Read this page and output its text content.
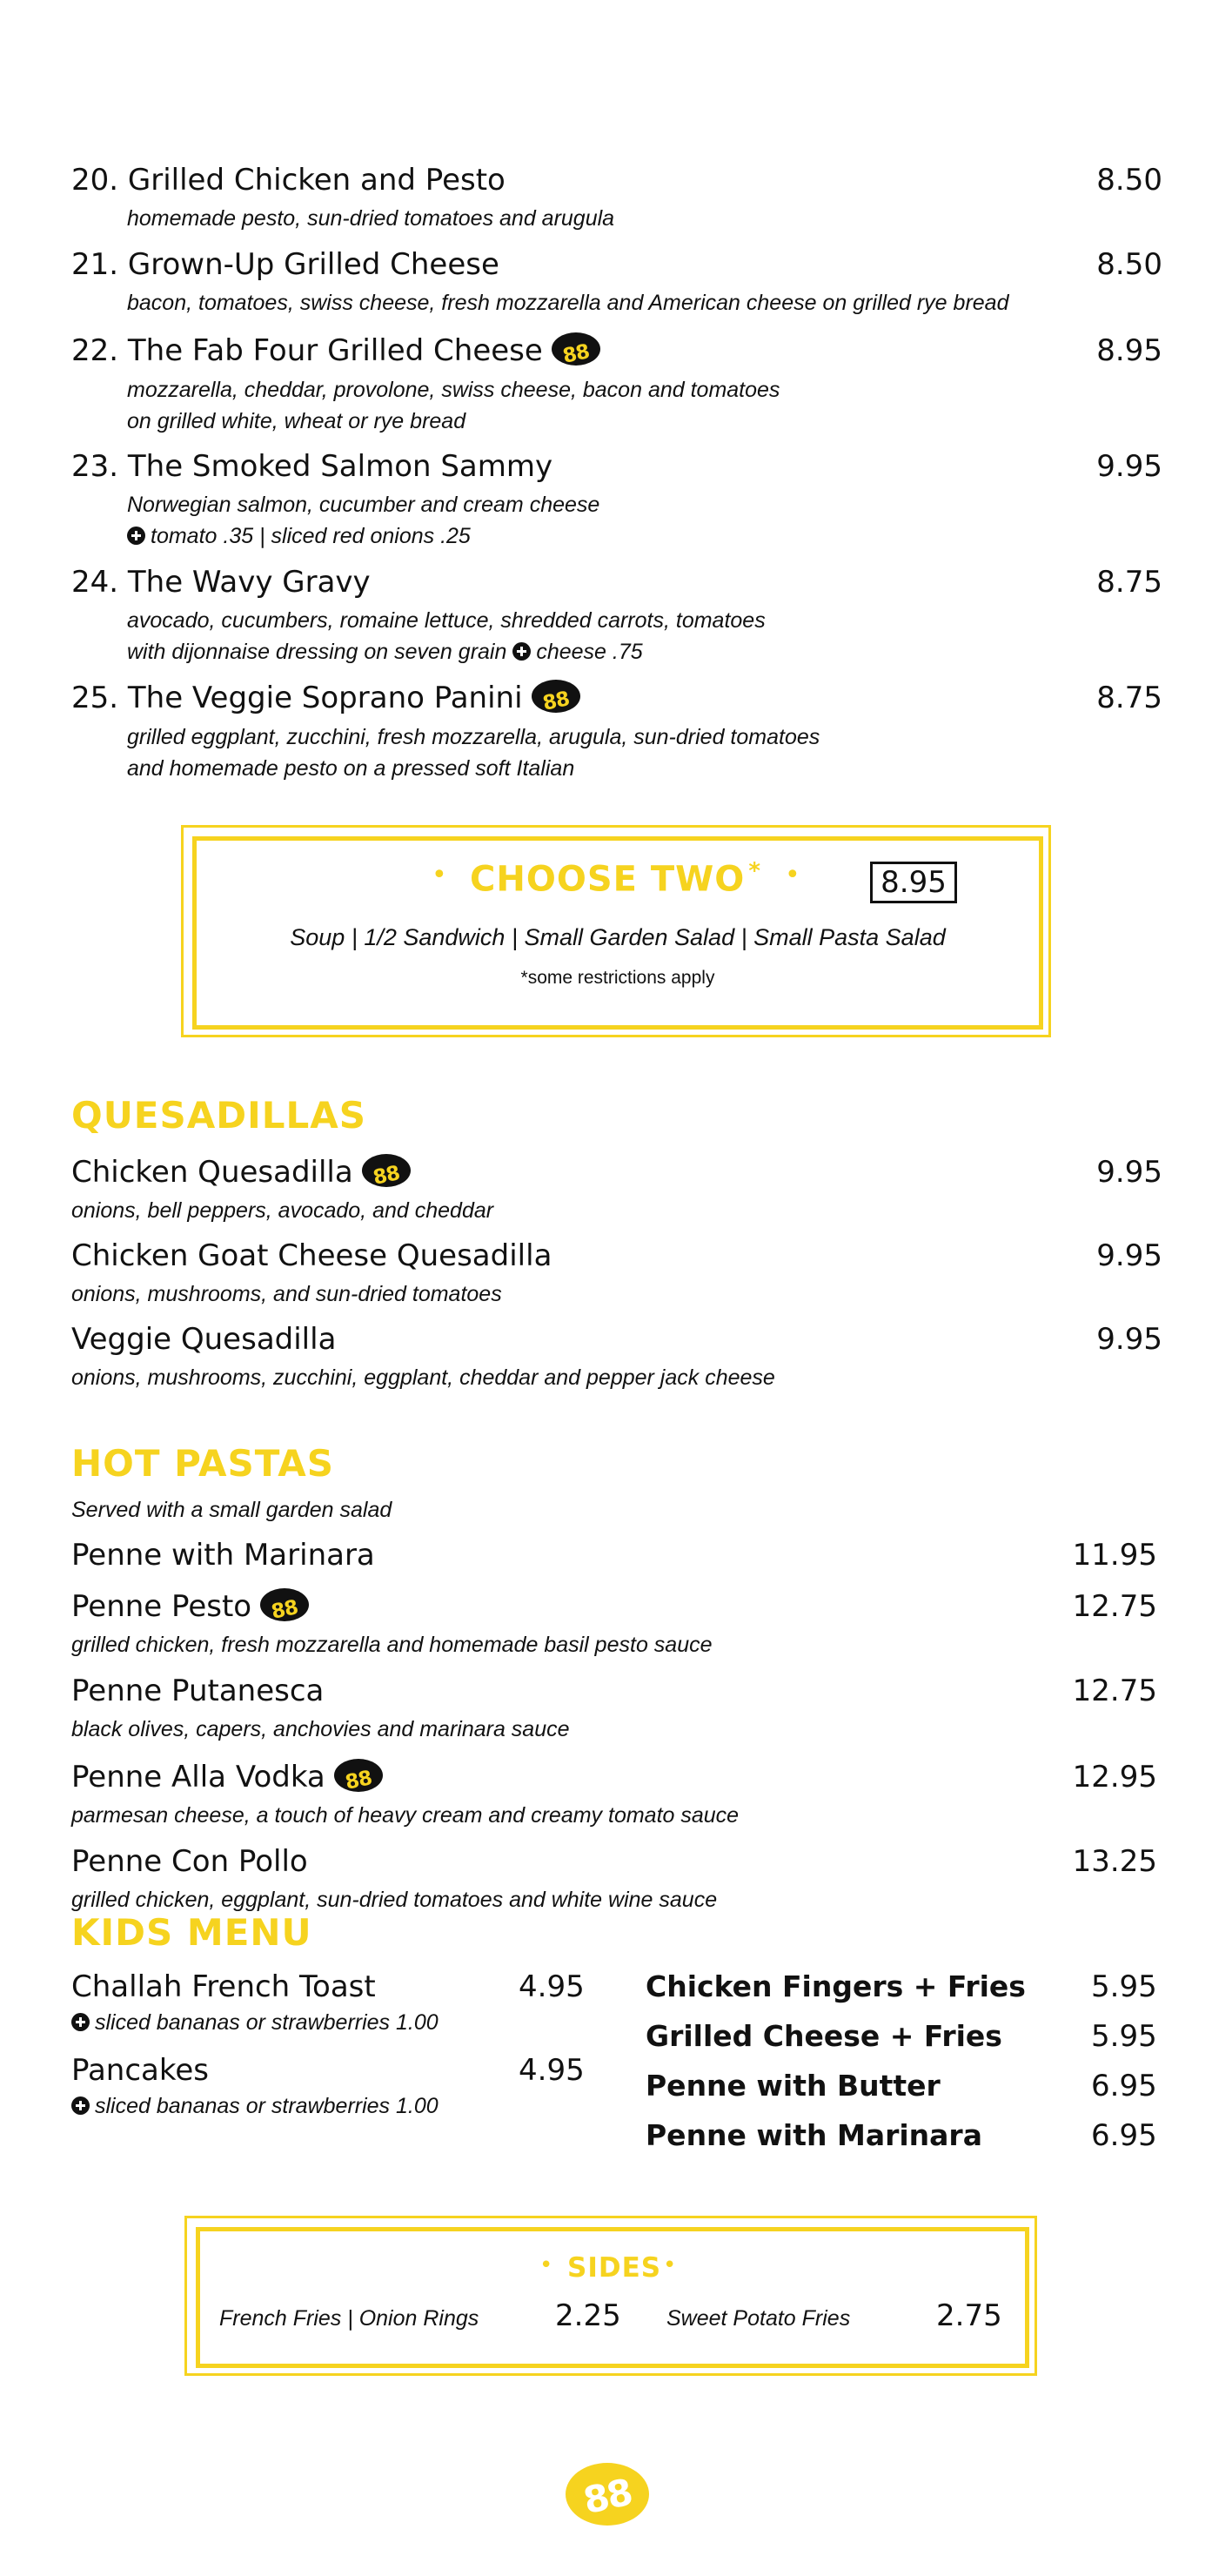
20. Grilled Chicken and Pesto	8.50
homemade pesto, sun-dried tomatoes and arugula
21. Grown-Up Grilled Cheese	8.50
bacon, tomatoes, swiss cheese, fresh mozzarella and American cheese on grilled rye bread
22. The Fab Four Grilled Cheese 88	8.95
mozzarella, cheddar, provolone, swiss cheese, bacon and tomatoes
on grilled white, wheat or rye bread
23. The Smoked Salmon Sammy	9.95
Norwegian salmon, cucumber and cream cheese
tomato .35 | sliced red onions .25
24. The Wavy Gravy	8.75
avocado, cucumbers, romaine lettuce, shredded carrots, tomatoes
with dijonnaise dressing on seven grain cheese .75
25. The Veggie Soprano Panini 88	8.75
grilled eggplant, zucchini, fresh mozzarella, arugula, sun-dried tomatoes
and homemade pesto on a pressed soft Italian
• CHOOSE TWO * •	8.95
Soup | 1/2 Sandwich | Small Garden Salad | Small Pasta Salad
*some restrictions apply
QUESADILLAS
Chicken Quesadilla 88	9.95
onions, bell peppers, avocado, and cheddar
Chicken Goat Cheese Quesadilla	9.95
onions, mushrooms, and sun-dried tomatoes
Veggie Quesadilla	9.95
onions, mushrooms, zucchini, eggplant, cheddar and pepper jack cheese
HOT PASTAS
Served with a small garden salad
Penne with Marinara	11.95
Penne Pesto 88	12.75
grilled chicken, fresh mozzarella and homemade basil pesto sauce
Penne Putanesca	12.75
black olives, capers, anchovies and marinara sauce
Penne Alla Vodka 88	12.95
parmesan cheese, a touch of heavy cream and creamy tomato sauce
Penne Con Pollo	13.25
grilled chicken, eggplant, sun-dried tomatoes and white wine sauce
KIDS MENU
Challah French Toast	4.95
sliced bananas or strawberries 1.00
Pancakes	4.95
sliced bananas or strawberries 1.00
Chicken Fingers + Fries 5.95
Grilled Cheese + Fries	5.95
Penne with Butter	6.95
Penne with Marinara	6.95
• SIDES •
French Fries | Onion Rings	2.25 Sweet Potato Fries	2.75
88
